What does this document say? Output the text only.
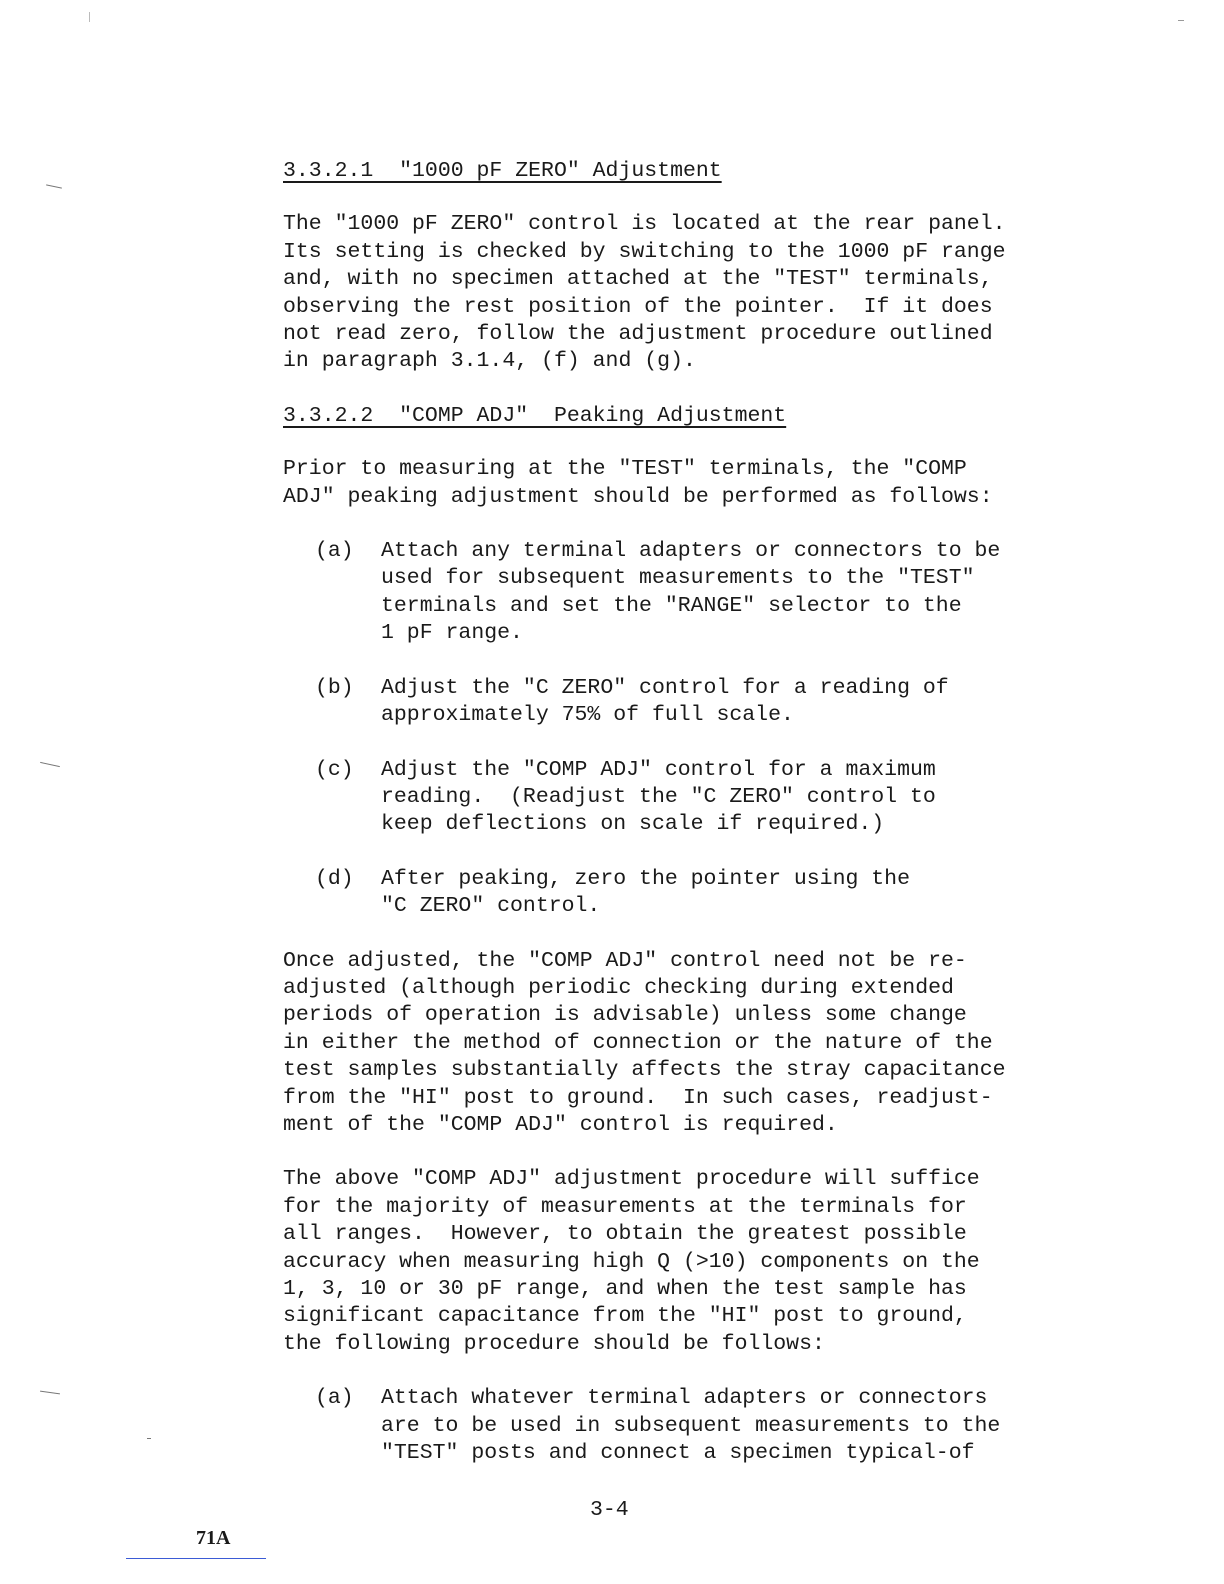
3.3.2.1  "1000 pF ZERO" Adjustment
The "1000 pF ZERO" control is located at the rear panel.
Its setting is checked by switching to the 1000 pF range
and, with no specimen attached at the "TEST" terminals,
observing the rest position of the pointer.  If it does
not read zero, follow the adjustment procedure outlined
in paragraph 3.1.4, (f) and (g).
3.3.2.2  "COMP ADJ"  Peaking Adjustment
Prior to measuring at the "TEST" terminals, the "COMP
ADJ" peaking adjustment should be performed as follows:
(a)	Attach any terminal adapters or connectors to be
used for subsequent measurements to the "TEST"
terminals and set the "RANGE" selector to the
1 pF range.
(b)	Adjust the "C ZERO" control for a reading of
approximately 75% of full scale.
(c)	Adjust the "COMP ADJ" control for a maximum
reading.  (Readjust the "C ZERO" control to
keep deflections on scale if required.)
(d)	After peaking, zero the pointer using the
"C ZERO" control.
Once adjusted, the "COMP ADJ" control need not be re-
adjusted (although periodic checking during extended
periods of operation is advisable) unless some change
in either the method of connection or the nature of the
test samples substantially affects the stray capacitance
from the "HI" post to ground.  In such cases, readjust-
ment of the "COMP ADJ" control is required.
The above "COMP ADJ" adjustment procedure will suffice
for the majority of measurements at the terminals for
all ranges.  However, to obtain the greatest possible
accuracy when measuring high Q (>10) components on the
1, 3, 10 or 30 pF range, and when the test sample has
significant capacitance from the "HI" post to ground,
the following procedure should be follows:
(a)	Attach whatever terminal adapters or connectors
are to be used in subsequent measurements to the
"TEST" posts and connect a specimen typical-of
3-4
71A
